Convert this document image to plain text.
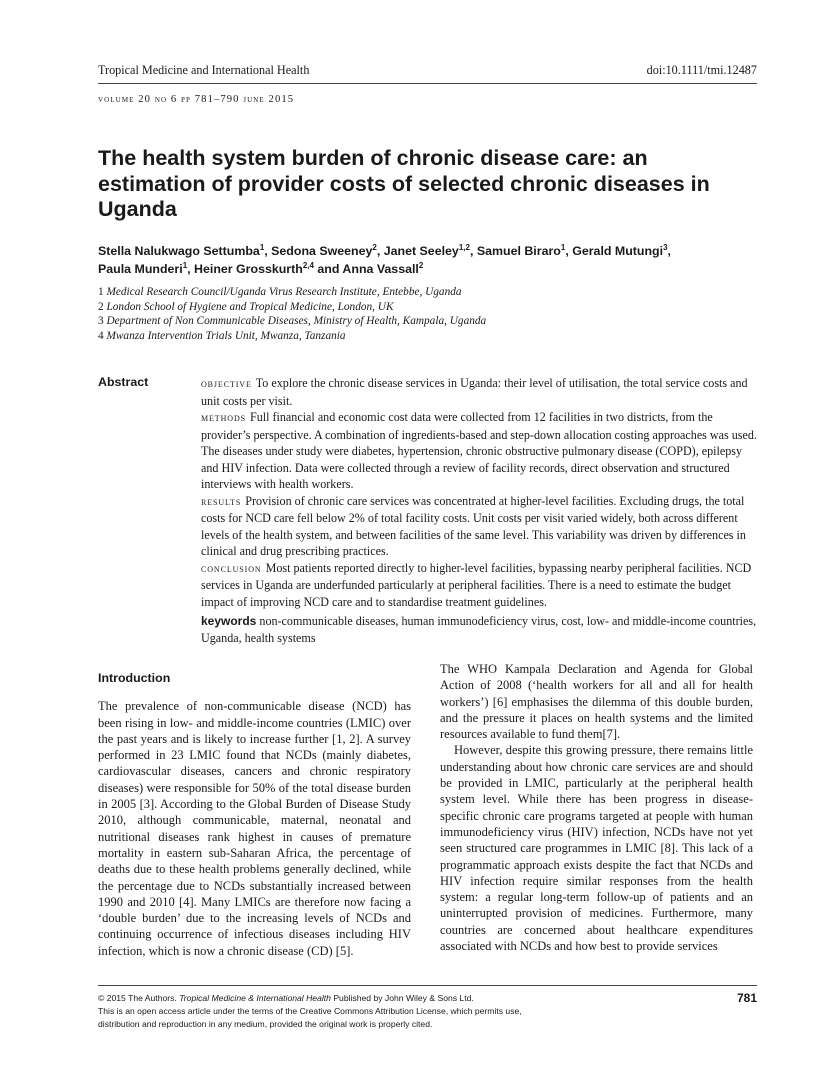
Tropical Medicine and International Health	doi:10.1111/tmi.12487
volume 20 no 6 pp 781–790 june 2015
The health system burden of chronic disease care: an estimation of provider costs of selected chronic diseases in Uganda
Stella Nalukwago Settumba$^1$, Sedona Sweeney$^2$, Janet Seeley$^{1,2}$, Samuel Biraro$^1$, Gerald Mutungi$^3$,
Paula Munderi$^1$, Heiner Grosskurth$^{2,4}$ and Anna Vassall$^2$
1 Medical Research Council/Uganda Virus Research Institute, Entebbe, Uganda
2 London School of Hygiene and Tropical Medicine, London, UK
3 Department of Non Communicable Diseases, Ministry of Health, Kampala, Uganda
4 Mwanza Intervention Trials Unit, Mwanza, Tanzania
Abstract	objective To explore the chronic disease services in Uganda: their level of utilisation, the total service costs and unit costs per visit.

methods Full financial and economic cost data were collected from 12 facilities in two districts, from the provider’s perspective. A combination of ingredients-based and step-down allocation costing approaches was used. The diseases under study were diabetes, hypertension, chronic obstructive pulmonary disease (COPD), epilepsy and HIV infection. Data were collected through a review of facility records, direct observation and structured interviews with health workers.

results Provision of chronic care services was concentrated at higher-level facilities. Excluding drugs, the total costs for NCD care fell below 2% of total facility costs. Unit costs per visit varied widely, both across different levels of the health system, and between facilities of the same level. This variability was driven by differences in clinical and drug prescribing practices.

conclusion Most patients reported directly to higher-level facilities, bypassing nearby peripheral facilities. NCD services in Uganda are underfunded particularly at peripheral facilities. There is a need to estimate the budget impact of improving NCD care and to standardise treatment guidelines.

keywords non-communicable diseases, human immunodeficiency virus, cost, low- and middle-income countries, Uganda, health systems
Introduction

The prevalence of non-communicable disease (NCD) has been rising in low- and middle-income countries (LMIC) over the past years and is likely to increase further [1, 2]. A survey performed in 23 LMIC found that NCDs (mainly diabetes, cardiovascular diseases, cancers and chronic respiratory diseases) were responsible for 50% of the total disease burden in 2005 [3]. According to the Global Burden of Disease Study 2010, although communicable, maternal, neonatal and nutritional diseases rank highest in causes of premature mortality in eastern sub-Saharan Africa, the percentage of deaths due to these health problems generally declined, while the percentage due to NCDs substantially increased between 1990 and 2010 [4]. Many LMICs are therefore now facing a ‘double burden’ due to the increasing levels of NCDs and continuing occurrence of infectious diseases including HIV infection, which is now a chronic disease (CD) [5].

The WHO Kampala Declaration and Agenda for Global Action of 2008 (‘health workers for all and all for health workers’) [6] emphasises the dilemma of this double burden, and the pressure it places on health systems and the limited resources available to fund them[7].

However, despite this growing pressure, there remains little understanding about how chronic care services are and should be provided in LMIC, particularly at the peripheral health system level. While there has been progress in disease-specific chronic care programs targeted at people with human immunodeficiency virus (HIV) infection, NCDs have not yet seen structured care programmes in LMIC [8]. This lack of a programmatic approach exists despite the fact that NCDs and HIV infection require similar responses from the health system: a regular long-term follow-up of patients and an uninterrupted provision of medicines. Furthermore, many countries are concerned about healthcare expenditures associated with NCDs and how best to provide services

© 2015 The Authors. Tropical Medicine & International Health Published by John Wiley & Sons Ltd.
This is an open access article under the terms of the Creative Commons Attribution License, which permits use,
distribution and reproduction in any medium, provided the original work is properly cited.
781
